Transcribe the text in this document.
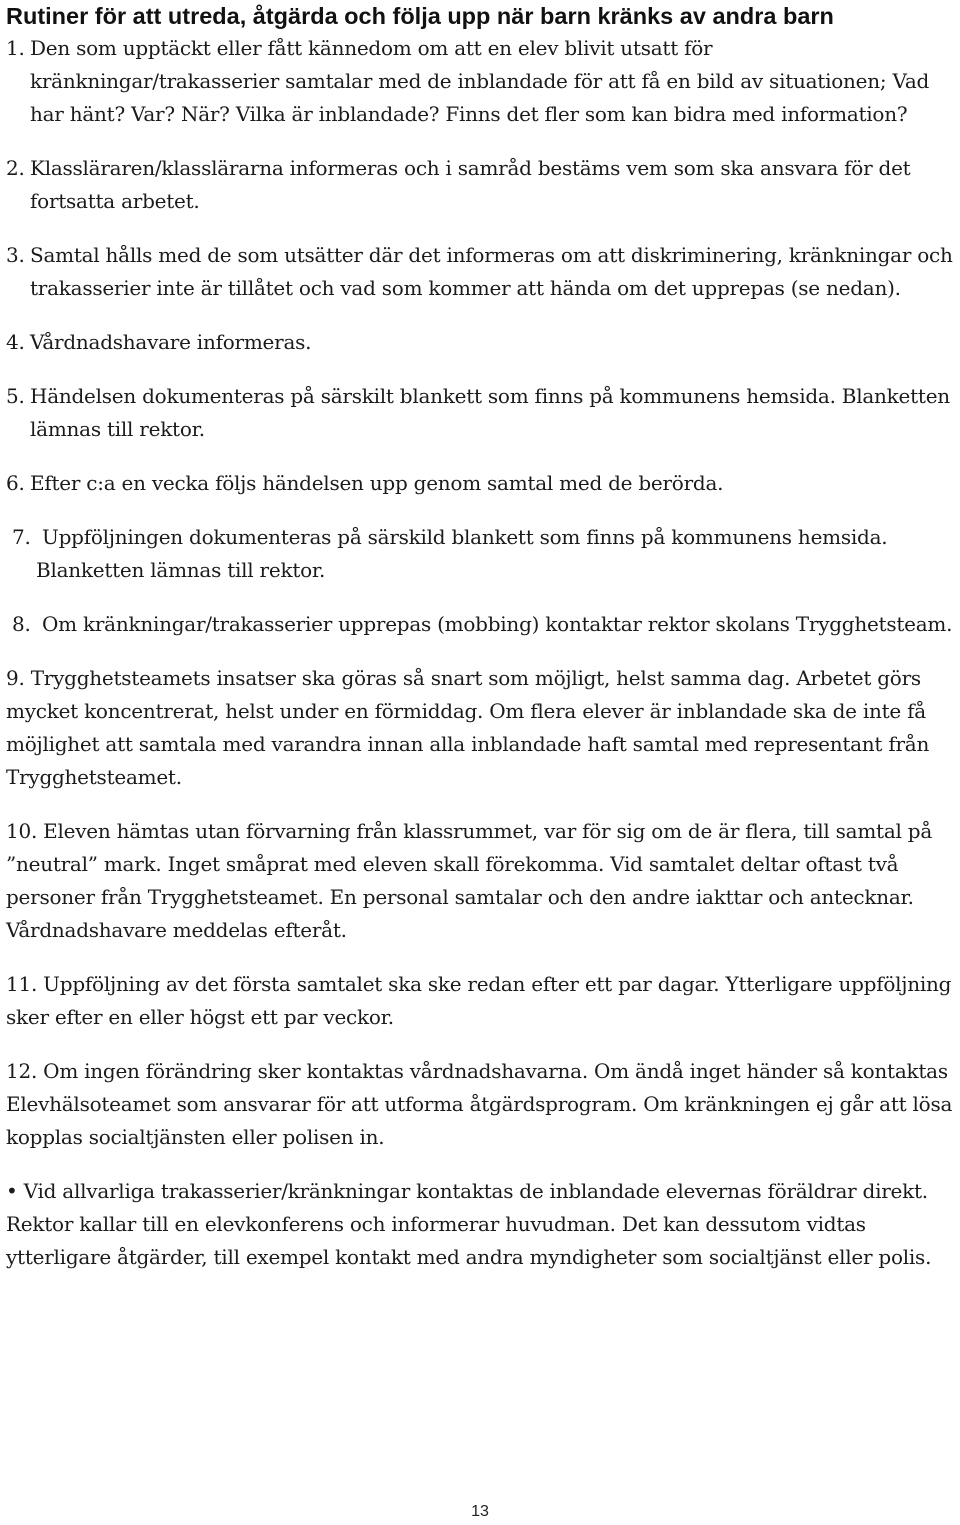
Rutiner för att utreda, åtgärda och följa upp när barn kränks av andra barn

1. Den som upptäckt eller fått kännedom om att en elev blivit utsatt för kränkningar/trakasserier samtalar med de inblandade för att få en bild av situationen; Vad har hänt? Var? När? Vilka är inblandade? Finns det fler som kan bidra med information?

2. Klassläraren/klasslärarna informeras och i samråd bestäms vem som ska ansvara för det fortsatta arbetet.

3. Samtal hålls med de som utsätter där det informeras om att diskriminering, kränkningar och trakasserier inte är tillåtet och vad som kommer att hända om det upprepas (se nedan).

4. Vårdnadshavare informeras.

5. Händelsen dokumenteras på särskilt blankett som finns på kommunens hemsida. Blanketten lämnas till rektor.

6. Efter c:a en vecka följs händelsen upp genom samtal med de berörda.

7. Uppföljningen dokumenteras på särskild blankett som finns på kommunens hemsida. Blanketten lämnas till rektor.

8. Om kränkningar/trakasserier upprepas (mobbing) kontaktar rektor skolans Trygghetsteam.

9. Trygghetsteamets insatser ska göras så snart som möjligt, helst samma dag. Arbetet görs mycket koncentrerat, helst under en förmiddag. Om flera elever är inblandade ska de inte få möjlighet att samtala med varandra innan alla inblandade haft samtal med representant från Trygghetsteamet.

10. Eleven hämtas utan förvarning från klassrummet, var för sig om de är flera, till samtal på ”neutral” mark. Inget småprat med eleven skall förekomma. Vid samtalet deltar oftast två personer från Trygghetsteamet. En personal samtalar och den andre iakttar och antecknar. Vårdnadshavare meddelas efteråt.

11. Uppföljning av det första samtalet ska ske redan efter ett par dagar. Ytterligare uppföljning sker efter en eller högst ett par veckor.

12. Om ingen förändring sker kontaktas vårdnadshavarna. Om ändå inget händer så kontaktas Elevhälsoteamet som ansvarar för att utforma åtgärdsprogram. Om kränkningen ej går att lösa kopplas socialtjänsten eller polisen in.

• Vid allvarliga trakasserier/kränkningar kontaktas de inblandade elevernas föräldrar direkt. Rektor kallar till en elevkonferens och informerar huvudman. Det kan dessutom vidtas ytterligare åtgärder, till exempel kontakt med andra myndigheter som socialtjänst eller polis.

13
